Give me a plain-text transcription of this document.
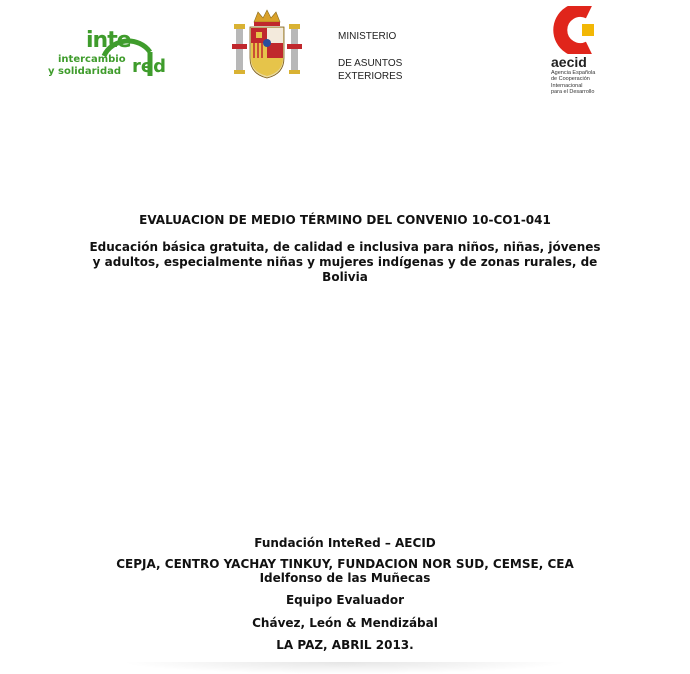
inte
intercambio
y solidaridad red
MINISTERIO
DE ASUNTOS
EXTERIORES
aecid
Agencia Española
de Cooperación
Internacional
para el Desarrollo
EVALUACION DE MEDIO TÉRMINO DEL CONVENIO 10-CO1-041
Educación básica gratuita, de calidad e inclusiva para niños, niñas, jóvenes
y adultos, especialmente niñas y mujeres indígenas y de zonas rurales, de
Bolivia
Fundación InteRed – AECID
CEPJA, CENTRO YACHAY TINKUY, FUNDACION NOR SUD, CEMSE, CEA
Idelfonso de las Muñecas
Equipo Evaluador
Chávez, León & Mendizábal
LA PAZ, ABRIL 2013.
